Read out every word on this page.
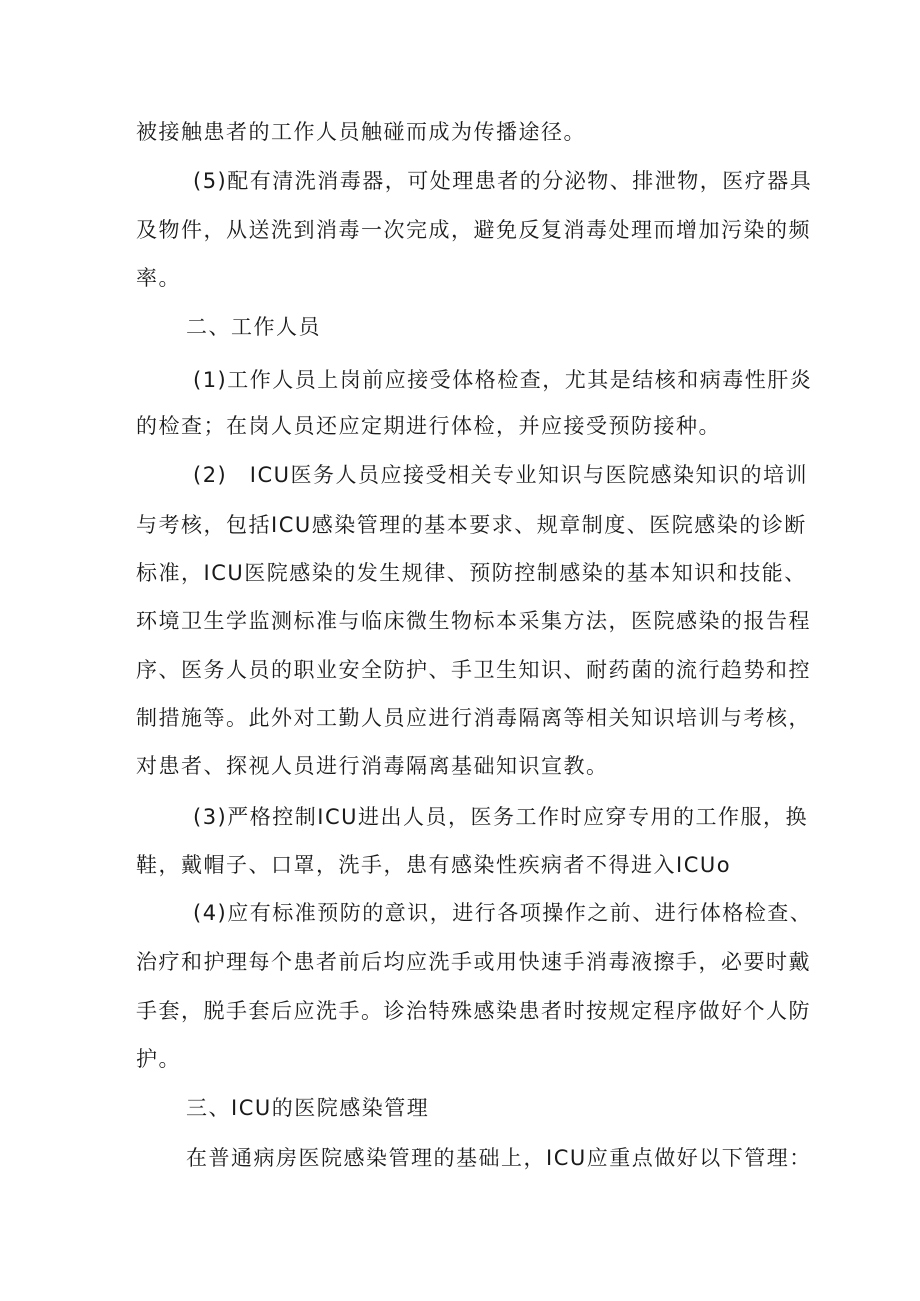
被接触患者的工作人员触碰而成为传播途径。
(5)配有清洗消毒器，可处理患者的分泌物、排泄物，医疗器具
及物件，从送洗到消毒一次完成，避免反复消毒处理而增加污染的频
率。
二、工作人员
(1)工作人员上岗前应接受体格检查，尤其是结核和病毒性肝炎
的检查；在岗人员还应定期进行体检，并应接受预防接种。
(2)　ICU医务人员应接受相关专业知识与医院感染知识的培训
与考核，包括ICU感染管理的基本要求、规章制度、医院感染的诊断
标准，ICU医院感染的发生规律、预防控制感染的基本知识和技能、
环境卫生学监测标准与临床微生物标本采集方法，医院感染的报告程
序、医务人员的职业安全防护、手卫生知识、耐药菌的流行趋势和控
制措施等。此外对工勤人员应进行消毒隔离等相关知识培训与考核，
对患者、探视人员进行消毒隔离基础知识宣教。
(3)严格控制ICU进出人员，医务工作时应穿专用的工作服，换
鞋，戴帽子、口罩，洗手，患有感染性疾病者不得进入ICUo
(4)应有标准预防的意识，进行各项操作之前、进行体格检查、
治疗和护理每个患者前后均应洗手或用快速手消毒液擦手，必要时戴
手套，脱手套后应洗手。诊治特殊感染患者时按规定程序做好个人防
护。
三、ICU的医院感染管理
在普通病房医院感染管理的基础上，ICU应重点做好以下管理：
